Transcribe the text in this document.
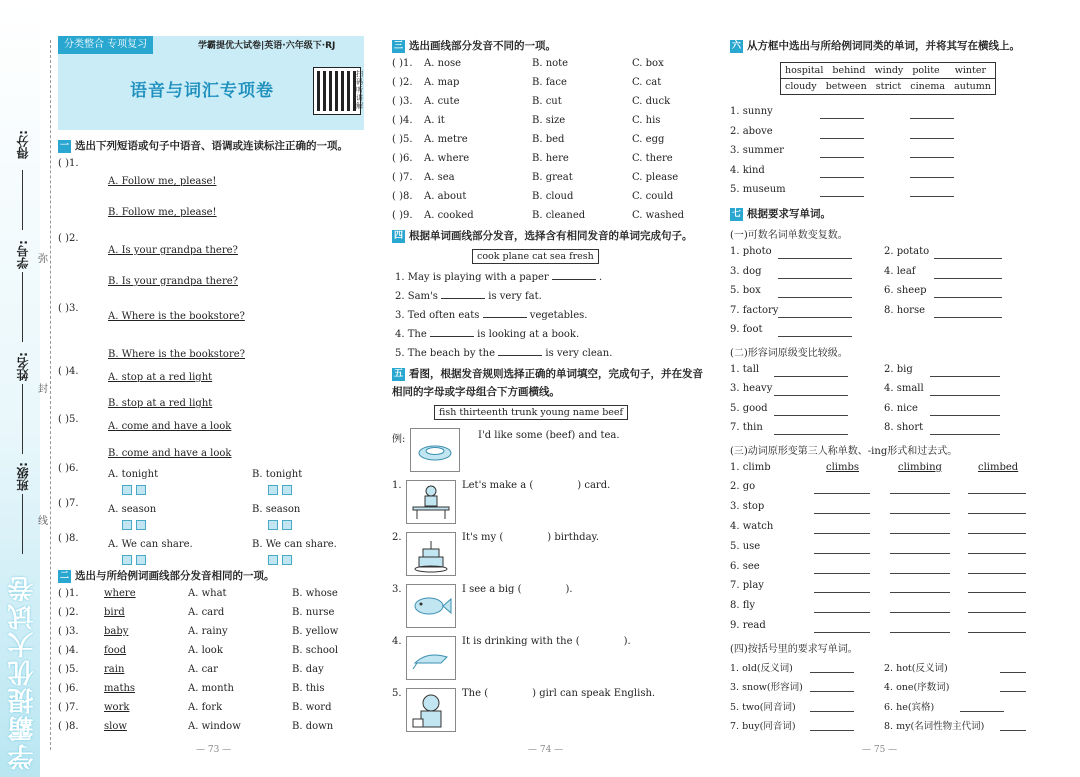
学霸提优大试卷
得分:
学号:
姓名:
班级:
弥
封
线
分类整合 专项复习	学霸提优大试卷|英语·六年级下·RJ
语音与词汇专项卷
扫码听讲解
一 选出下列短语或句子中语音、语调或连读标注正确的一项。
( )1.
A. Follow me, please!
B. Follow me, please!
( )2.
A. Is your grandpa there?
B. Is your grandpa there?
( )3.
A. Where is the bookstore?
B. Where is the bookstore?
( )4.
A. stop at a red light
B. stop at a red light
( )5.
A. come and have a look
B. come and have a look
( )6.
A. tonight	B. tonight
( )7.
A. season	B. season
( )8.
A. We can share.	B. We can share.
二 选出与所给例词画线部分发音相同的一项。
( )1.	where	A. what	B. whose
( )2.	bird	A. card	B. nurse
( )3.	baby	A. rainy	B. yellow
( )4.	food	A. look	B. school
( )5.	rain	A. car	B. day
( )6.	maths	A. month	B. this
( )7.	work	A. fork	B. word
( )8.	slow	A. window	B. down
三 选出画线部分发音不同的一项。
( )1. A. nose	B. note	C. box
( )2. A. map	B. face	C. cat
( )3. A. cute	B. cut	C. duck
( )4. A. it	B. size	C. his
( )5. A. metre	B. bed	C. egg
( )6. A. where	B. here	C. there
( )7. A. sea	B. great	C. please
( )8. A. about	B. cloud	C. could
( )9. A. cooked	B. cleaned	C. washed
四 根据单词画线部分发音，选择含有相同发音的单词完成句子。
cook plane cat sea fresh
1. May is playing with a paper	.
2. Sam's	is very fat.
3. Ted often eats	vegetables.
4. The	is looking at a book.
5. The beach by the	is very clean.
五 看图，根据发音规则选择正确的单词填空，完成句子，并在发音
相同的字母或字母组合下方画横线。
fish thirteenth trunk young name beef
例:	I'd like some (beef) and tea.
1.	Let's make a (	) card.
2.	It's my (	) birthday.
3.	I see a big (	).
4.	It is drinking with the (	).
5.	The (	) girl can speak English.
六 从方框中选出与所给例词同类的单词，并将其写在横线上。
hospital   behind   windy   polite     winter
cloudy   between   strict   cinema   autumn
1. sunny
2. above
3. summer
4. kind
5. museum
七 根据要求写单词。
(一)可数名词单数变复数。
1. photo	2. potato
3. dog	4. leaf
5. box	6. sheep
7. factory	8. horse
9. foot
(二)形容词原级变比较级。
1. tall	2. big
3. heavy	4. small
5. good	6. nice
7. thin	8. short
(三)动词原形变第三人称单数、-ing形式和过去式。
1. climb	climbs	climbing	climbed
2. go
3. stop
4. watch
5. use
6. see
7. play
8. fly
9. read
(四)按括号里的要求写单词。
1. old(反义词)	2. hot(反义词)
3. snow(形容词)	4. one(序数词)
5. two(同音词)	6. he(宾格)
7. buy(同音词)	8. my(名词性物主代词)
— 73 —	— 74 —	— 75 —
